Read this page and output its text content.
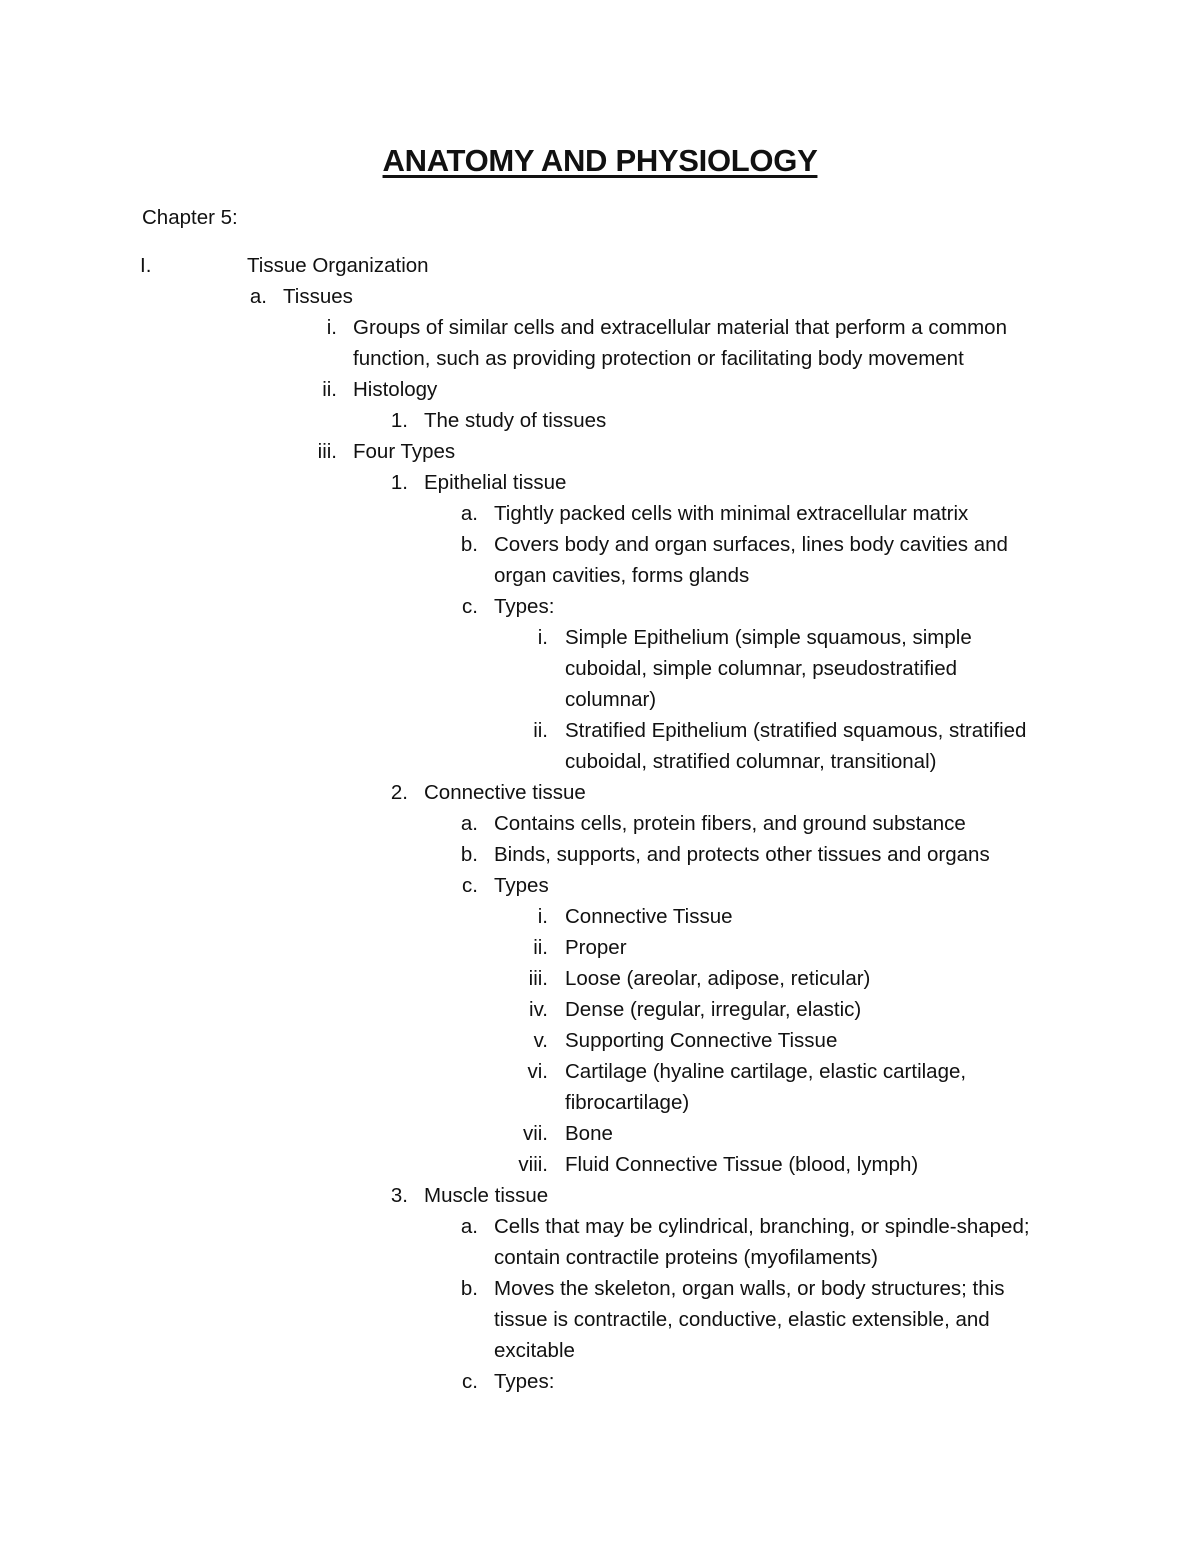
ANATOMY AND PHYSIOLOGY
Chapter 5:
I.	Tissue Organization
a. Tissues
i. Groups of similar cells and extracellular material that perform a common
function, such as providing protection or facilitating body movement
ii. Histology
1. The study of tissues
iii. Four Types
1. Epithelial tissue
a. Tightly packed cells with minimal extracellular matrix
b. Covers body and organ surfaces, lines body cavities and
organ cavities, forms glands
c. Types:
i. Simple Epithelium (simple squamous, simple
cuboidal, simple columnar, pseudostratified
columnar)
ii. Stratified Epithelium (stratified squamous, stratified
cuboidal, stratified columnar, transitional)
2. Connective tissue
a. Contains cells, protein fibers, and ground substance
b. Binds, supports, and protects other tissues and organs
c. Types
i. Connective Tissue
ii. Proper
iii. Loose (areolar, adipose, reticular)
iv. Dense (regular, irregular, elastic)
v. Supporting Connective Tissue
vi. Cartilage (hyaline cartilage, elastic cartilage,
fibrocartilage)
vii. Bone
viii. Fluid Connective Tissue (blood, lymph)
3. Muscle tissue
a. Cells that may be cylindrical, branching, or spindle-shaped;
contain contractile proteins (myofilaments)
b. Moves the skeleton, organ walls, or body structures; this
tissue is contractile, conductive, elastic extensible, and
excitable
c. Types:
